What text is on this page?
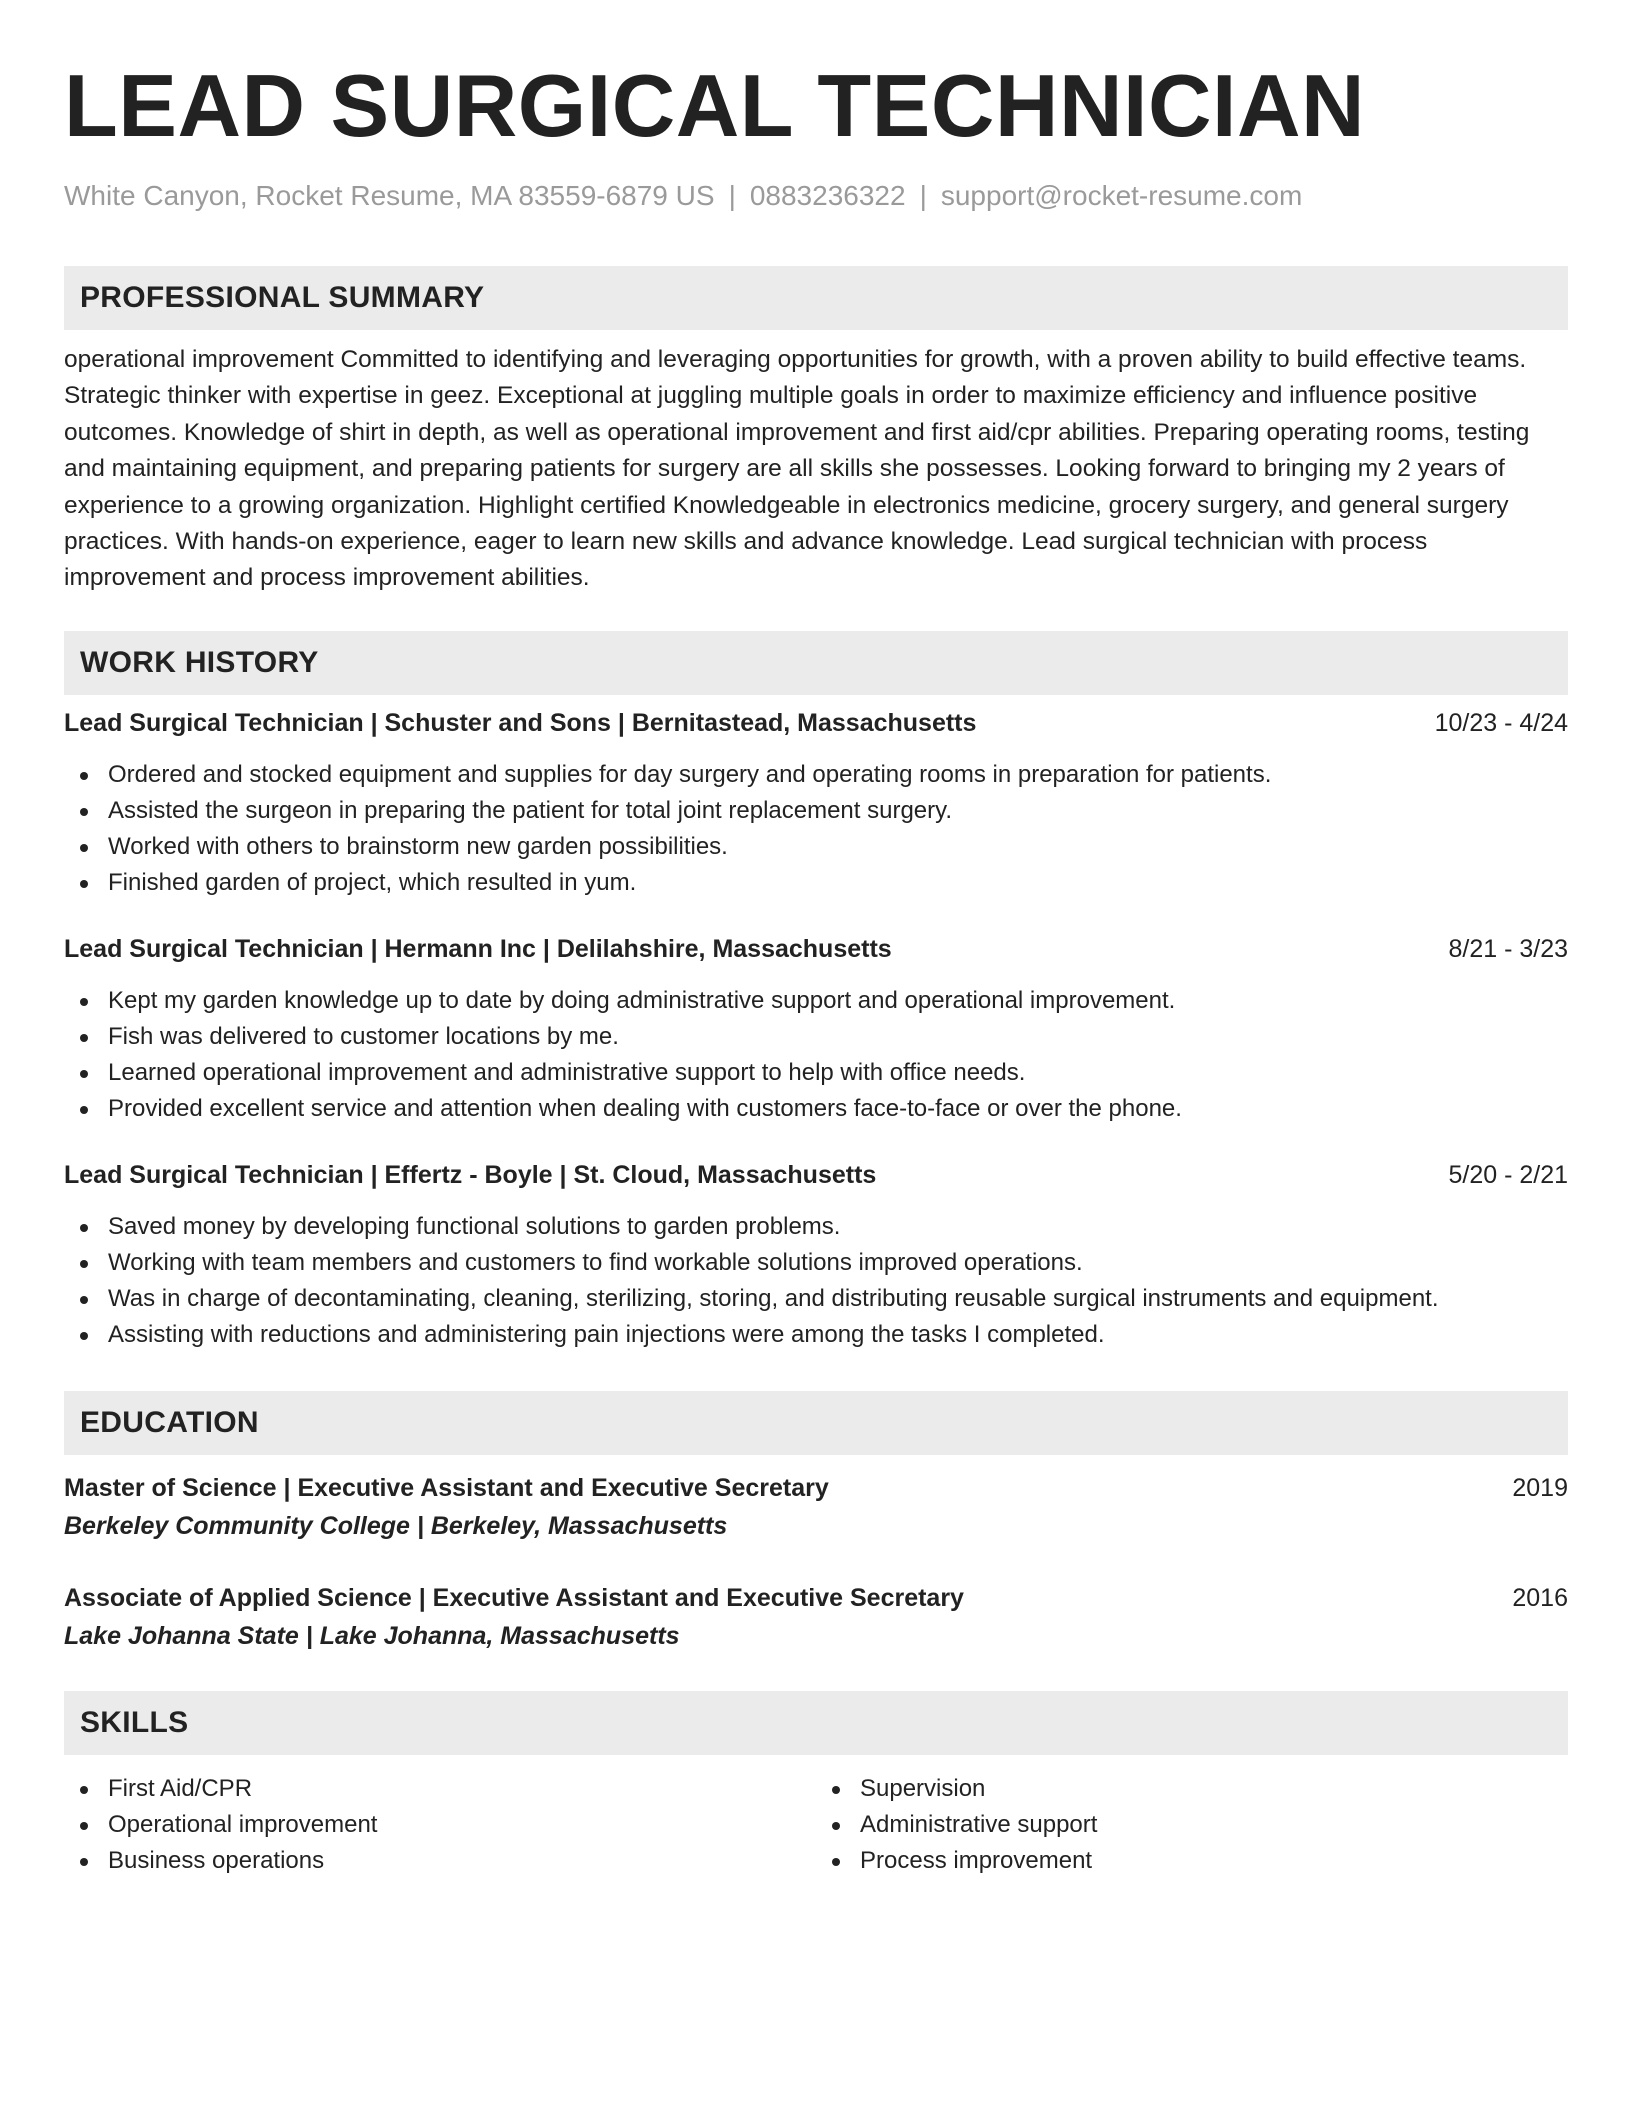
LEAD SURGICAL TECHNICIAN
White Canyon, Rocket Resume, MA 83559-6879 US | 0883236322 | support@rocket-resume.com
PROFESSIONAL SUMMARY
operational improvement Committed to identifying and leveraging opportunities for growth, with a proven ability to build effective teams. Strategic thinker with expertise in geez. Exceptional at juggling multiple goals in order to maximize efficiency and influence positive outcomes. Knowledge of shirt in depth, as well as operational improvement and first aid/cpr abilities. Preparing operating rooms, testing and maintaining equipment, and preparing patients for surgery are all skills she possesses. Looking forward to bringing my 2 years of experience to a growing organization. Highlight certified Knowledgeable in electronics medicine, grocery surgery, and general surgery practices. With hands-on experience, eager to learn new skills and advance knowledge. Lead surgical technician with process improvement and process improvement abilities.
WORK HISTORY
Lead Surgical Technician | Schuster and Sons | Bernitastead, Massachusetts	10/23 - 4/24
Ordered and stocked equipment and supplies for day surgery and operating rooms in preparation for patients.
Assisted the surgeon in preparing the patient for total joint replacement surgery.
Worked with others to brainstorm new garden possibilities.
Finished garden of project, which resulted in yum.
Lead Surgical Technician | Hermann Inc | Delilahshire, Massachusetts	8/21 - 3/23
Kept my garden knowledge up to date by doing administrative support and operational improvement.
Fish was delivered to customer locations by me.
Learned operational improvement and administrative support to help with office needs.
Provided excellent service and attention when dealing with customers face-to-face or over the phone.
Lead Surgical Technician | Effertz - Boyle | St. Cloud, Massachusetts	5/20 - 2/21
Saved money by developing functional solutions to garden problems.
Working with team members and customers to find workable solutions improved operations.
Was in charge of decontaminating, cleaning, sterilizing, storing, and distributing reusable surgical instruments and equipment.
Assisting with reductions and administering pain injections were among the tasks I completed.
EDUCATION
Master of Science | Executive Assistant and Executive Secretary	2019
Berkeley Community College | Berkeley, Massachusetts
Associate of Applied Science | Executive Assistant and Executive Secretary	2016
Lake Johanna State | Lake Johanna, Massachusetts
SKILLS
First Aid/CPR
Operational improvement
Business operations
Supervision
Administrative support
Process improvement
